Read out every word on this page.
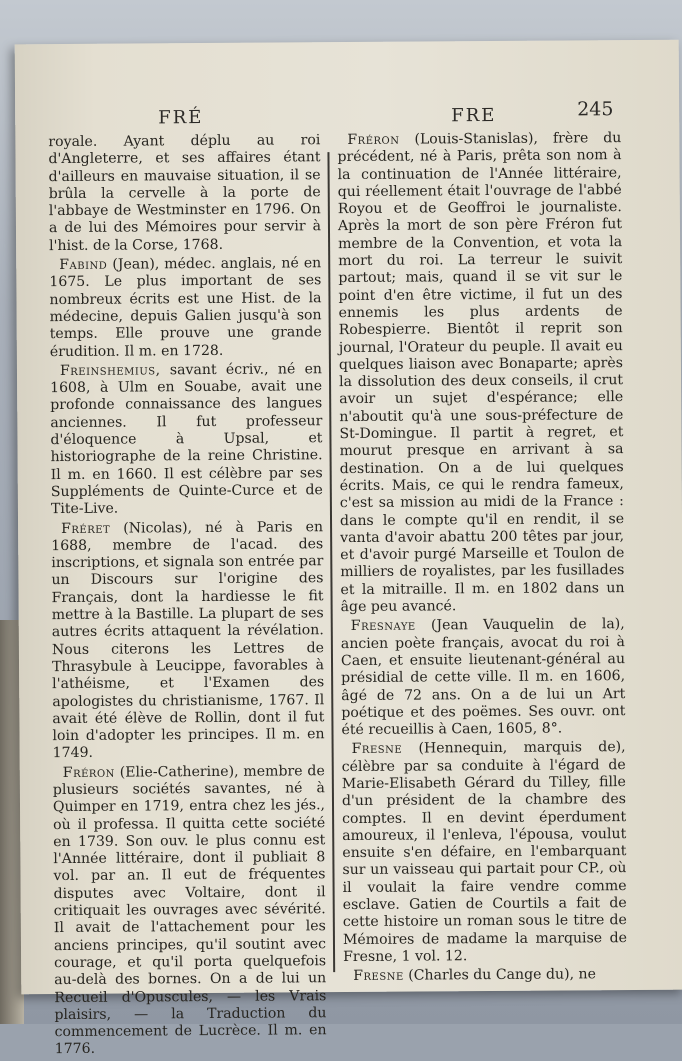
FRÉ	FRE	245

royale. Ayant déplu au roi d'Angleterre, et ses affaires étant d'ailleurs en mauvaise situation, il se brûla la cervelle à la porte de l'abbaye de Westminster en 1796. On a de lui des Mémoires pour servir à l'hist. de la Corse, 1768.

Fabind (Jean), médec. anglais, né en 1675. Le plus important de ses nombreux écrits est une Hist. de la médecine, depuis Galien jusqu'à son temps. Elle prouve une grande érudition. Il m. en 1728.

Freinshemius, savant écriv., né en 1608, à Ulm en Souabe, avait une profonde connaissance des langues anciennes. Il fut professeur d'éloquence à Upsal, et historiographe de la reine Christine. Il m. en 1660. Il est célèbre par ses Suppléments de Quinte-Curce et de Tite-Live.

Fréret (Nicolas), né à Paris en 1688, membre de l'acad. des inscriptions, et signala son entrée par un Discours sur l'origine des Français, dont la hardiesse le fit mettre à la Bastille. La plupart de ses autres écrits attaquent la révélation. Nous citerons les Lettres de Thrasybule à Leucippe, favorables à l'athéisme, et l'Examen des apologistes du christianisme, 1767. Il avait été élève de Rollin, dont il fut loin d'adopter les principes. Il m. en 1749.

Fréron (Elie-Catherine), membre de plusieurs sociétés savantes, né à Quimper en 1719, entra chez les jés., où il professa. Il quitta cette société en 1739. Son ouv. le plus connu est l'Année littéraire, dont il publiait 8 vol. par an. Il eut de fréquentes disputes avec Voltaire, dont il critiquait les ouvrages avec sévérité. Il avait de l'attachement pour les anciens principes, qu'il soutint avec courage, et qu'il porta quelquefois au-delà des bornes. On a de lui un Recueil d'Opuscules, — les Vrais plaisirs, — la Traduction du commencement de Lucrèce. Il m. en 1776.

Fréron (Louis-Stanislas), frère du précédent, né à Paris, prêta son nom à la continuation de l'Année littéraire, qui réellement était l'ouvrage de l'abbé Royou et de Geoffroi le journaliste. Après la mort de son père Fréron fut membre de la Convention, et vota la mort du roi. La terreur le suivit partout; mais, quand il se vit sur le point d'en être victime, il fut un des ennemis les plus ardents de Robespierre. Bientôt il reprit son journal, l'Orateur du peuple. Il avait eu quelques liaison avec Bonaparte; après la dissolution des deux conseils, il crut avoir un sujet d'espérance; elle n'aboutit qu'à une sous-préfecture de St-Domingue. Il partit à regret, et mourut presque en arrivant à sa destination. On a de lui quelques écrits. Mais, ce qui le rendra fameux, c'est sa mission au midi de la France : dans le compte qu'il en rendit, il se vanta d'avoir abattu 200 têtes par jour, et d'avoir purgé Marseille et Toulon de milliers de royalistes, par les fusillades et la mitraille. Il m. en 1802 dans un âge peu avancé.

Fresnaye (Jean Vauquelin de la), ancien poète français, avocat du roi à Caen, et ensuite lieutenant-général au présidial de cette ville. Il m. en 1606, âgé de 72 ans. On a de lui un Art poétique et des poëmes. Ses ouvr. ont été recueillis à Caen, 1605, 8°.

Fresne (Hennequin, marquis de), célèbre par sa conduite à l'égard de Marie-Elisabeth Gérard du Tilley, fille d'un président de la chambre des comptes. Il en devint éperdument amoureux, il l'enleva, l'épousa, voulut ensuite s'en défaire, en l'embarquant sur un vaisseau qui partait pour CP., où il voulait la faire vendre comme esclave. Gatien de Courtils a fait de cette histoire un roman sous le titre de Mémoires de madame la marquise de Fresne, 1 vol. 12.

Fresne (Charles du Cange du), ne
